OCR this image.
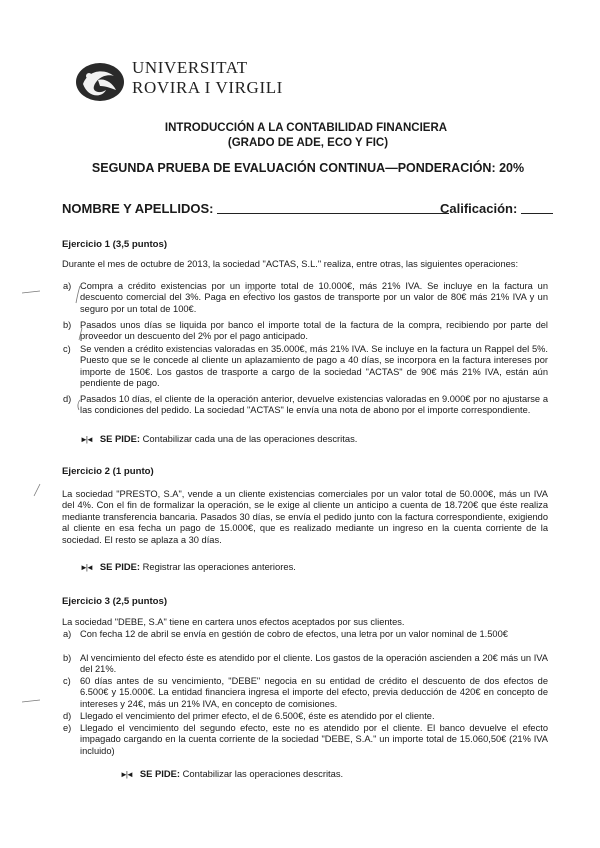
UNIVERSITAT
ROVIRA I VIRGILI
INTRODUCCIÓN A LA CONTABILIDAD FINANCIERA
(GRADO DE ADE, ECO Y FIC)
SEGUNDA PRUEBA DE EVALUACIÓN CONTINUA—PONDERACIÓN: 20%
NOMBRE Y APELLIDOS:	Calificación:
Ejercicio 1 (3,5 puntos)
Durante el mes de octubre de 2013, la sociedad "ACTAS, S.L." realiza, entre otras, las siguientes operaciones:
a) Compra a crédito existencias por un importe total de 10.000€, más 21% IVA. Se incluye en la factura un descuento comercial del 3%. Paga en efectivo los gastos de transporte por un valor de 80€ más 21% IVA y un seguro por un total de 100€.
b) Pasados unos días se liquida por banco el importe total de la factura de la compra, recibiendo por parte del proveedor un descuento del 2% por el pago anticipado.
c) Se venden a crédito existencias valoradas en 35.000€, más 21% IVA. Se incluye en la factura un Rappel del 5%. Puesto que se le concede al cliente un aplazamiento de pago a 40 días, se incorpora en la factura intereses por importe de 150€. Los gastos de trasporte a cargo de la sociedad "ACTAS" de 90€ más 21% IVA, están aún pendiente de pago.
d) Pasados 10 días, el cliente de la operación anterior, devuelve existencias valoradas en 9.000€ por no ajustarse a las condiciones del pedido. La sociedad "ACTAS" le envía una nota de abono por el importe correspondiente.
►|◄ SE PIDE: Contabilizar cada una de las operaciones descritas.
Ejercicio 2 (1 punto)
La sociedad "PRESTO, S.A", vende a un cliente existencias comerciales por un valor total de 50.000€, más un IVA del 4%. Con el fin de formalizar la operación, se le exige al cliente un anticipo a cuenta de 18.720€ que éste realiza mediante transferencia bancaria. Pasados 30 días, se envía el pedido junto con la factura correspondiente, exigiendo al cliente en esa fecha un pago de 15.000€, que es realizado mediante un ingreso en la cuenta corriente de la sociedad. El resto se aplaza a 30 días.
►|◄ SE PIDE: Registrar las operaciones anteriores.
Ejercicio 3 (2,5 puntos)
La sociedad "DEBE, S.A" tiene en cartera unos efectos aceptados por sus clientes.
a) Con fecha 12 de abril se envía en gestión de cobro de efectos, una letra por un valor nominal de 1.500€
b) Al vencimiento del efecto éste es atendido por el cliente. Los gastos de la operación ascienden a 20€ más un IVA del 21%.
c) 60 días antes de su vencimiento, "DEBE" negocia en su entidad de crédito el descuento de dos efectos de 6.500€ y 15.000€. La entidad financiera ingresa el importe del efecto, previa deducción de 420€ en concepto de intereses y 24€, más un 21% IVA, en concepto de comisiones.
d) Llegado el vencimiento del primer efecto, el de 6.500€, éste es atendido por el cliente.
e) Llegado el vencimiento del segundo efecto, este no es atendido por el cliente. El banco devuelve el efecto impagado cargando en la cuenta corriente de la sociedad "DEBE, S.A." un importe total de 15.060,50€ (21% IVA incluido)
►|◄ SE PIDE: Contabilizar las operaciones descritas.
